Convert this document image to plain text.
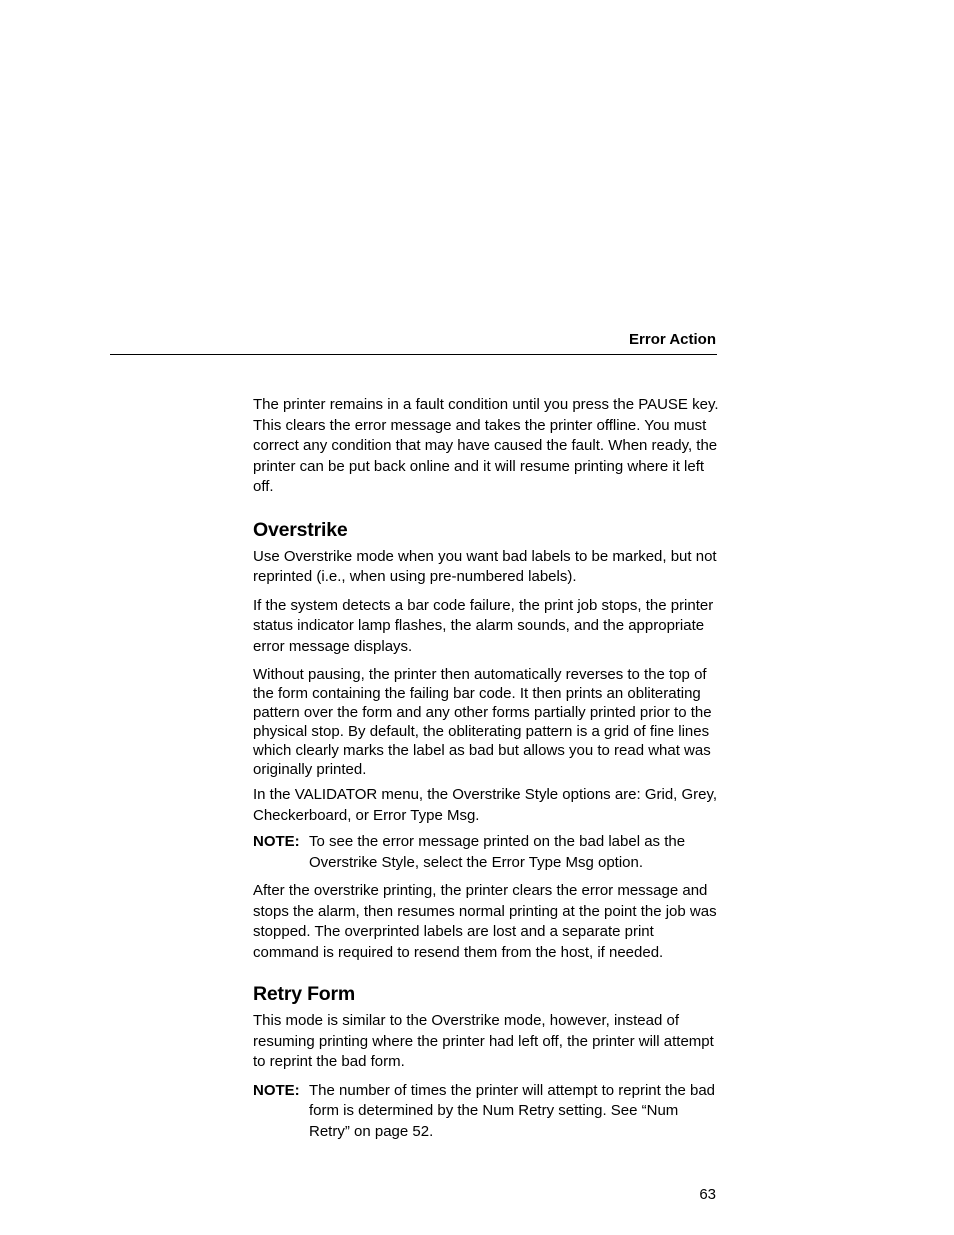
Error Action

The printer remains in a fault condition until you press the PAUSE key. This clears the error message and takes the printer offline. You must correct any condition that may have caused the fault. When ready, the printer can be put back online and it will resume printing where it left off.

Overstrike

Use Overstrike mode when you want bad labels to be marked, but not reprinted (i.e., when using pre-numbered labels).

If the system detects a bar code failure, the print job stops, the printer status indicator lamp flashes, the alarm sounds, and the appropriate error message displays.

Without pausing, the printer then automatically reverses to the top of the form containing the failing bar code. It then prints an obliterating pattern over the form and any other forms partially printed prior to the physical stop. By default, the obliterating pattern is a grid of fine lines which clearly marks the label as bad but allows you to read what was originally printed.

In the VALIDATOR menu, the Overstrike Style options are: Grid, Grey, Checkerboard, or Error Type Msg.

NOTE: To see the error message printed on the bad label as the Overstrike Style, select the Error Type Msg option.

After the overstrike printing, the printer clears the error message and stops the alarm, then resumes normal printing at the point the job was stopped. The overprinted labels are lost and a separate print command is required to resend them from the host, if needed.

Retry Form

This mode is similar to the Overstrike mode, however, instead of resuming printing where the printer had left off, the printer will attempt to reprint the bad form.

NOTE: The number of times the printer will attempt to reprint the bad form is determined by the Num Retry setting. See “Num Retry” on page 52.
63
